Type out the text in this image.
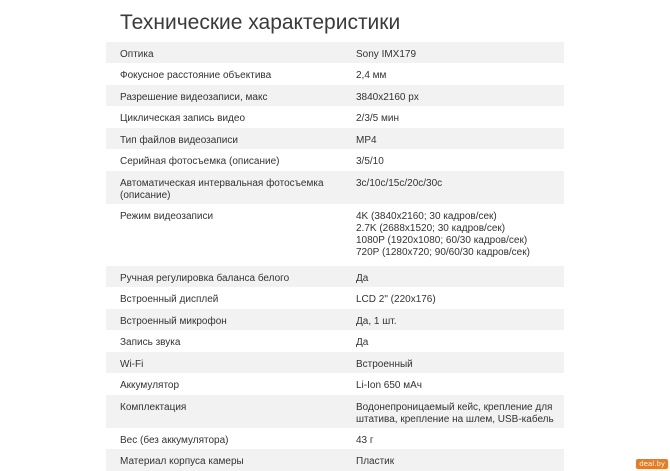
Технические характеристики
Оптика	Sony IMX179

Фокусное расстояние объектива	2,4 мм

Разрешение видеозаписи, макс	3840x2160 px

Циклическая запись видео	2/3/5 мин

Тип файлов видеозаписи	MP4

Серийная фотосъемка (описание)	3/5/10

Автоматическая интервальная фотосъемка (описание)	3с/10с/15с/20с/30с

Режим видеозаписи	4K (3840x2160; 30 кадров/сек)
2.7K (2688x1520; 30 кадров/сек)
1080P (1920x1080; 60/30 кадров/сек)
720P (1280x720; 90/60/30 кадров/сек)

Ручная регулировка баланса белого	Да

Встроенный дисплей	LCD 2" (220x176)

Встроенный микрофон	Да, 1 шт.

Запись звука	Да

Wi-Fi	Встроенный

Аккумулятор	Li-Ion 650 мАч

Комплектация	Водонепроницаемый кейс, крепление для
штатива, крепление на шлем, USB-кабель

Вес (без аккумулятора)	43 г

Материал корпуса камеры	Пластик	deal.by
